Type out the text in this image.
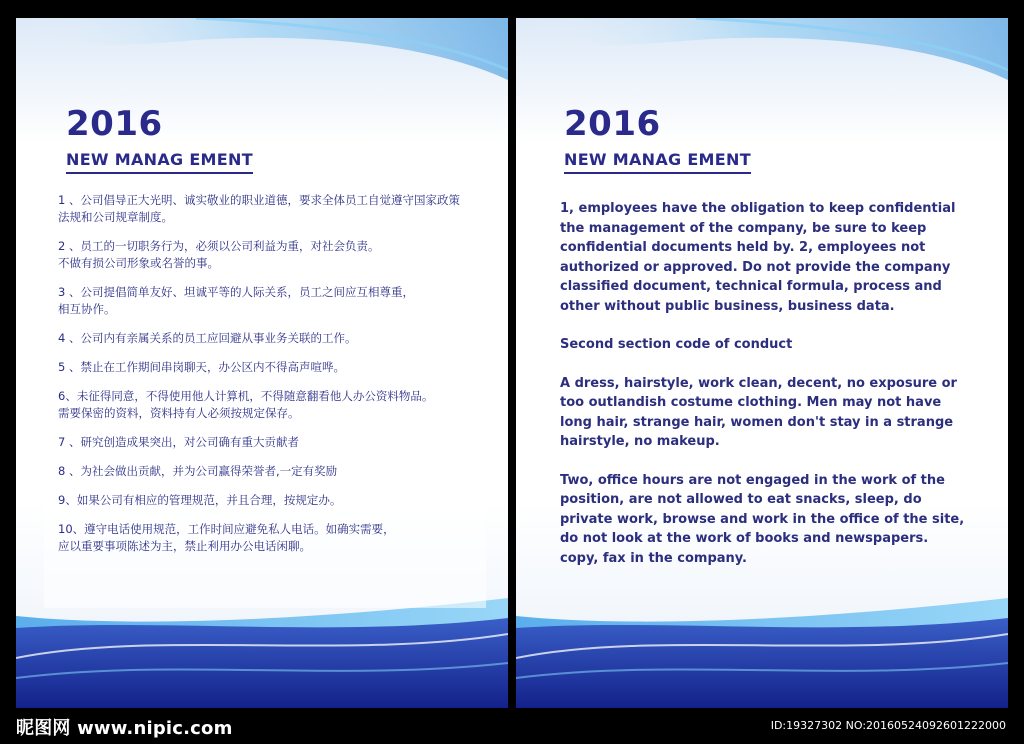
2016
NEW MANAG EMENT

1 、公司倡导正大光明、诚实敬业的职业道德，要求全体员工自觉遵守国家政策
法规和公司规章制度。

2 、员工的一切职务行为，必须以公司利益为重，对社会负责。
不做有损公司形象或名誉的事。

3 、公司提倡简单友好、坦诚平等的人际关系，员工之间应互相尊重，
相互协作。

4 、公司内有亲属关系的员工应回避从事业务关联的工作。

5 、禁止在工作期间串岗聊天，办公区内不得高声喧哗。

6、未征得同意，不得使用他人计算机，不得随意翻看他人办公资料物品。
需要保密的资料，资料持有人必须按规定保存。

7 、研究创造成果突出，对公司确有重大贡献者

8 、为社会做出贡献，并为公司赢得荣誉者,一定有奖励

9、如果公司有相应的管理规范，并且合理，按规定办。

10、遵守电话使用规范，工作时间应避免私人电话。如确实需要，
应以重要事项陈述为主，禁止利用办公电话闲聊。

2016
NEW MANAG EMENT

1, employees have the obligation to keep confidential
the management of the company, be sure to keep
confidential documents held by. 2, employees not
authorized or approved. Do not provide the company
classified document, technical formula, process and
other without public business, business data.

Second section code of conduct

A dress, hairstyle, work clean, decent, no exposure or
too outlandish costume clothing. Men may not have
long hair, strange hair, women don't stay in a strange
hairstyle, no makeup.

Two, office hours are not engaged in the work of the
position, are not allowed to eat snacks, sleep, do
private work, browse and work in the office of the site,
do not look at the work of books and newspapers.
copy, fax in the company.

昵图网 www.nipic.com	ID:19327302 NO:20160524092601222000
